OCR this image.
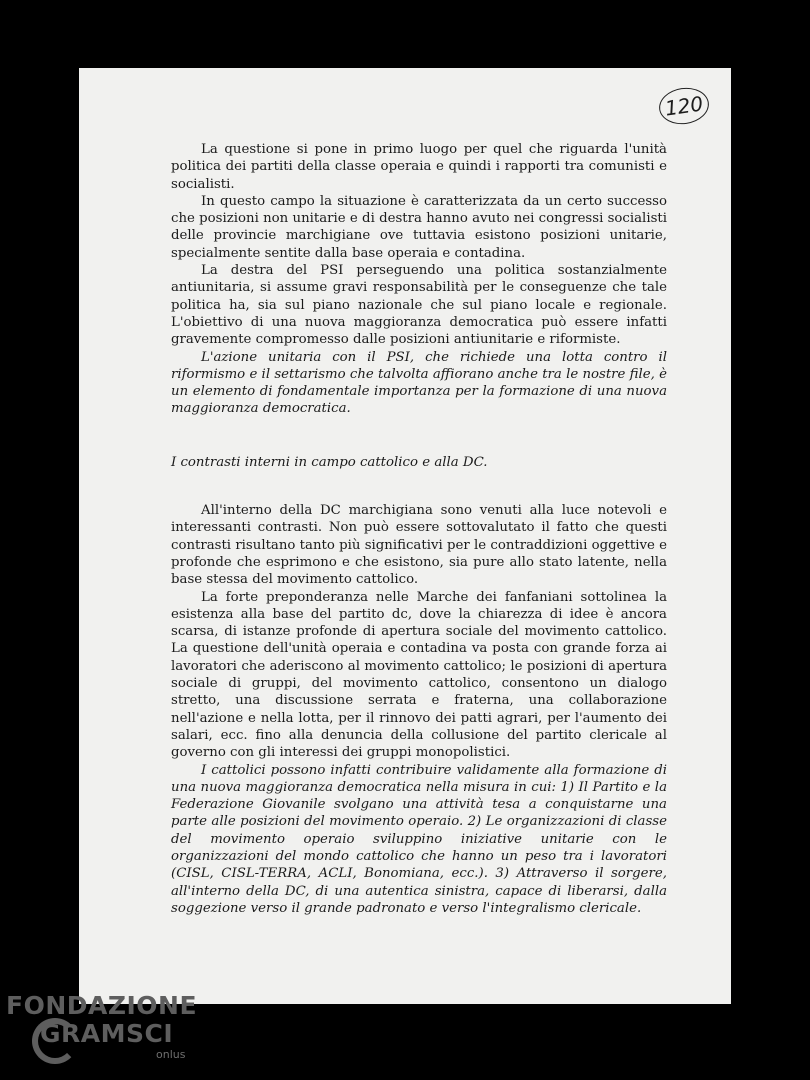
120

La questione si pone in primo luogo per quel che riguarda l'unità politica dei partiti della classe operaia e quindi i rapporti tra comunisti e socialisti.

In questo campo la situazione è caratterizzata da un certo successo che posizioni non unitarie e di destra hanno avuto nei congressi socialisti delle provincie marchigiane ove tuttavia esistono posizioni unitarie, specialmente sentite dalla base operaia e contadina.

La destra del PSI perseguendo una politica sostanzialmente antiunitaria, si assume gravi responsabilità per le conseguenze che tale politica ha, sia sul piano nazionale che sul piano locale e regionale. L'obiettivo di una nuova maggioranza democratica può essere infatti gravemente compromesso dalle posizioni antiunitarie e riformiste.

L'azione unitaria con il PSI, che richiede una lotta contro il riformismo e il settarismo che talvolta affiorano anche tra le nostre file, è un elemento di fondamentale importanza per la formazione di una nuova maggioranza democratica.

I contrasti interni in campo cattolico e alla DC.

All'interno della DC marchigiana sono venuti alla luce notevoli e interessanti contrasti. Non può essere sottovalutato il fatto che questi contrasti risultano tanto più significativi per le contraddizioni oggettive e profonde che esprimono e che esistono, sia pure allo stato latente, nella base stessa del movimento cattolico.

La forte preponderanza nelle Marche dei fanfaniani sottolinea la esistenza alla base del partito dc, dove la chiarezza di idee è ancora scarsa, di istanze profonde di apertura sociale del movimento cattolico. La questione dell'unità operaia e contadina va posta con grande forza ai lavoratori che aderiscono al movimento cattolico; le posizioni di apertura sociale di gruppi, del movimento cattolico, consentono un dialogo stretto, una discussione serrata e fraterna, una collaborazione nell'azione e nella lotta, per il rinnovo dei patti agrari, per l'aumento dei salari, ecc. fino alla denuncia della collusione del partito clericale al governo con gli interessi dei gruppi monopolistici.

I cattolici possono infatti contribuire validamente alla formazione di una nuova maggioranza democratica nella misura in cui: 1) Il Partito e la Federazione Giovanile svolgano una attività tesa a conquistarne una parte alle posizioni del movimento operaio. 2) Le organizzazioni di classe del movimento operaio sviluppino iniziative unitarie con le organizzazioni del mondo cattolico che hanno un peso tra i lavoratori (CISL, CISL-TERRA, ACLI, Bonomiana, ecc.). 3) Attraverso il sorgere, all'interno della DC, di una autentica sinistra, capace di liberarsi, dalla soggezione verso il grande padronato e verso l'integralismo clericale.

FONDAZIONE
GRAMSCI
onlus
